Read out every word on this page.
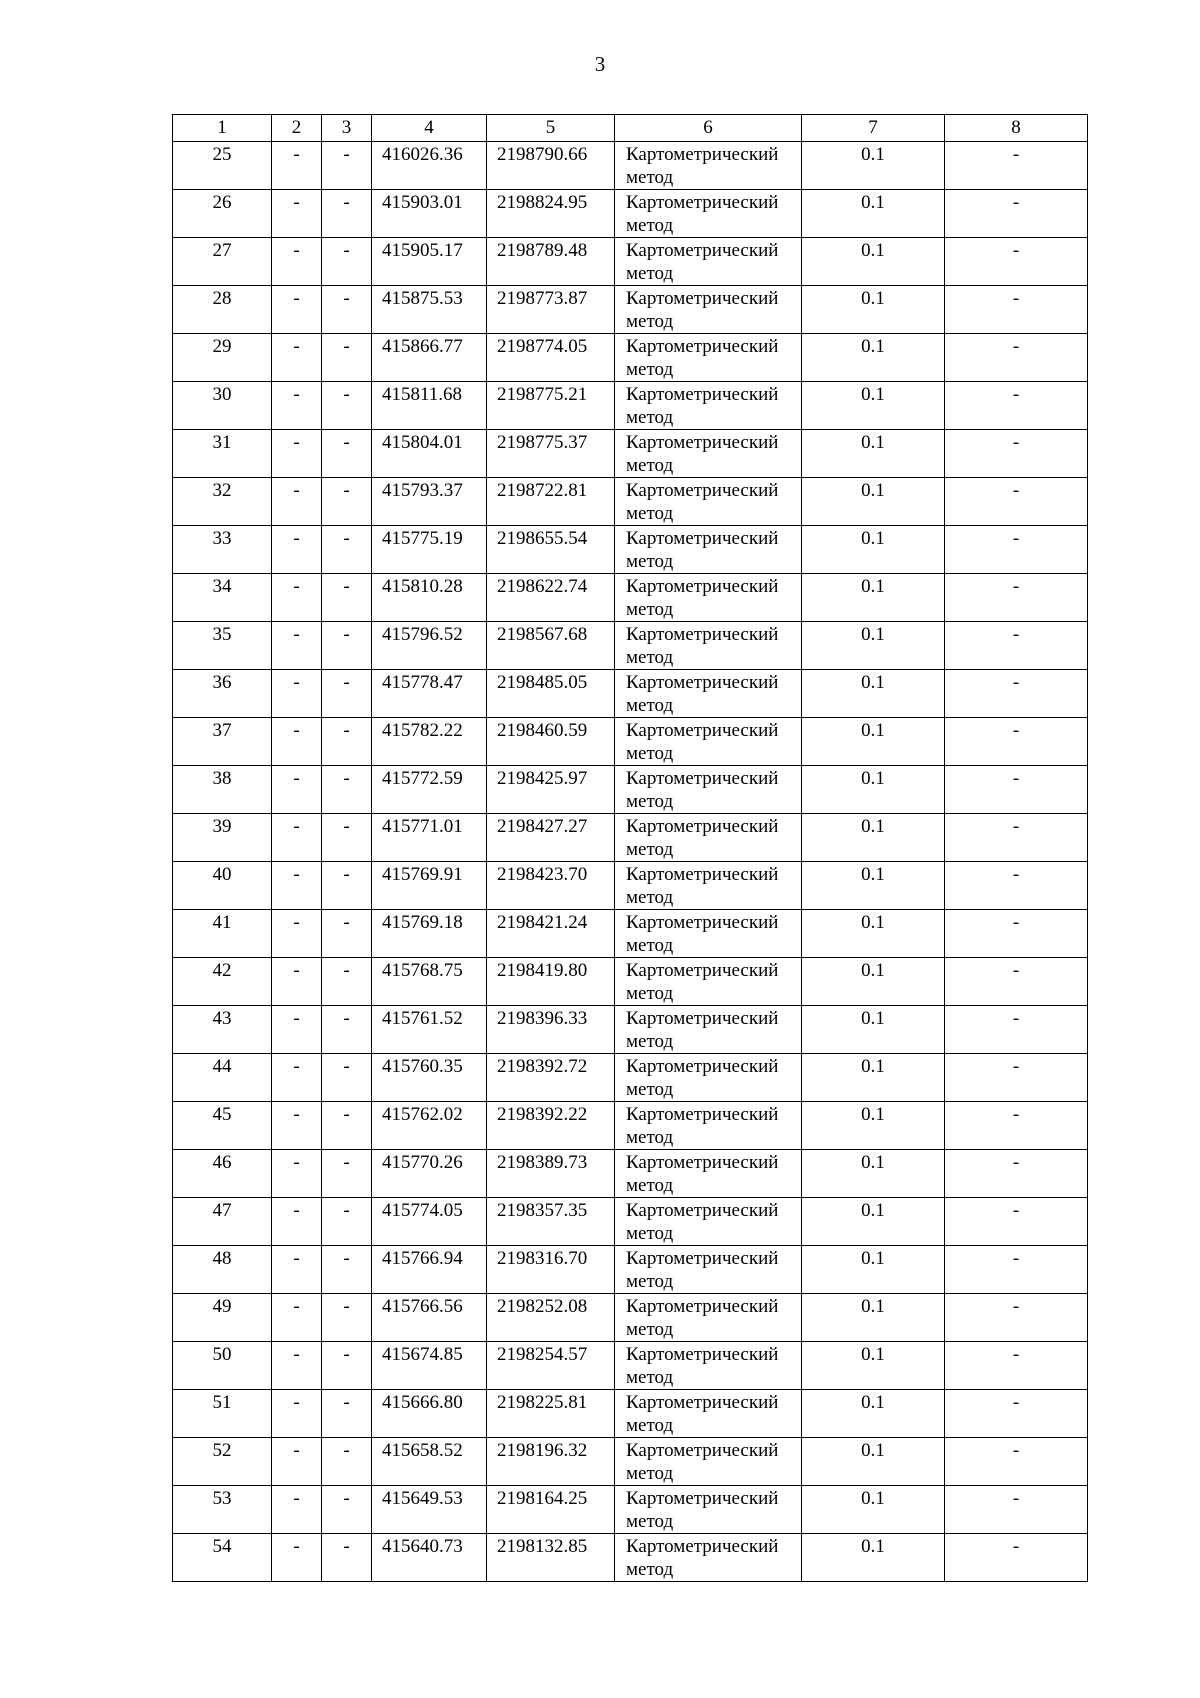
3
1	2	3	4	5	6	7	8
25	-	-	416026.36	2198790.66	Картометрический метод	0.1	-
26	-	-	415903.01	2198824.95	Картометрический метод	0.1	-
27	-	-	415905.17	2198789.48	Картометрический метод	0.1	-
28	-	-	415875.53	2198773.87	Картометрический метод	0.1	-
29	-	-	415866.77	2198774.05	Картометрический метод	0.1	-
30	-	-	415811.68	2198775.21	Картометрический метод	0.1	-
31	-	-	415804.01	2198775.37	Картометрический метод	0.1	-
32	-	-	415793.37	2198722.81	Картометрический метод	0.1	-
33	-	-	415775.19	2198655.54	Картометрический метод	0.1	-
34	-	-	415810.28	2198622.74	Картометрический метод	0.1	-
35	-	-	415796.52	2198567.68	Картометрический метод	0.1	-
36	-	-	415778.47	2198485.05	Картометрический метод	0.1	-
37	-	-	415782.22	2198460.59	Картометрический метод	0.1	-
38	-	-	415772.59	2198425.97	Картометрический метод	0.1	-
39	-	-	415771.01	2198427.27	Картометрический метод	0.1	-
40	-	-	415769.91	2198423.70	Картометрический метод	0.1	-
41	-	-	415769.18	2198421.24	Картометрический метод	0.1	-
42	-	-	415768.75	2198419.80	Картометрический метод	0.1	-
43	-	-	415761.52	2198396.33	Картометрический метод	0.1	-
44	-	-	415760.35	2198392.72	Картометрический метод	0.1	-
45	-	-	415762.02	2198392.22	Картометрический метод	0.1	-
46	-	-	415770.26	2198389.73	Картометрический метод	0.1	-
47	-	-	415774.05	2198357.35	Картометрический метод	0.1	-
48	-	-	415766.94	2198316.70	Картометрический метод	0.1	-
49	-	-	415766.56	2198252.08	Картометрический метод	0.1	-
50	-	-	415674.85	2198254.57	Картометрический метод	0.1	-
51	-	-	415666.80	2198225.81	Картометрический метод	0.1	-
52	-	-	415658.52	2198196.32	Картометрический метод	0.1	-
53	-	-	415649.53	2198164.25	Картометрический метод	0.1	-
54	-	-	415640.73	2198132.85	Картометрический метод	0.1	-
